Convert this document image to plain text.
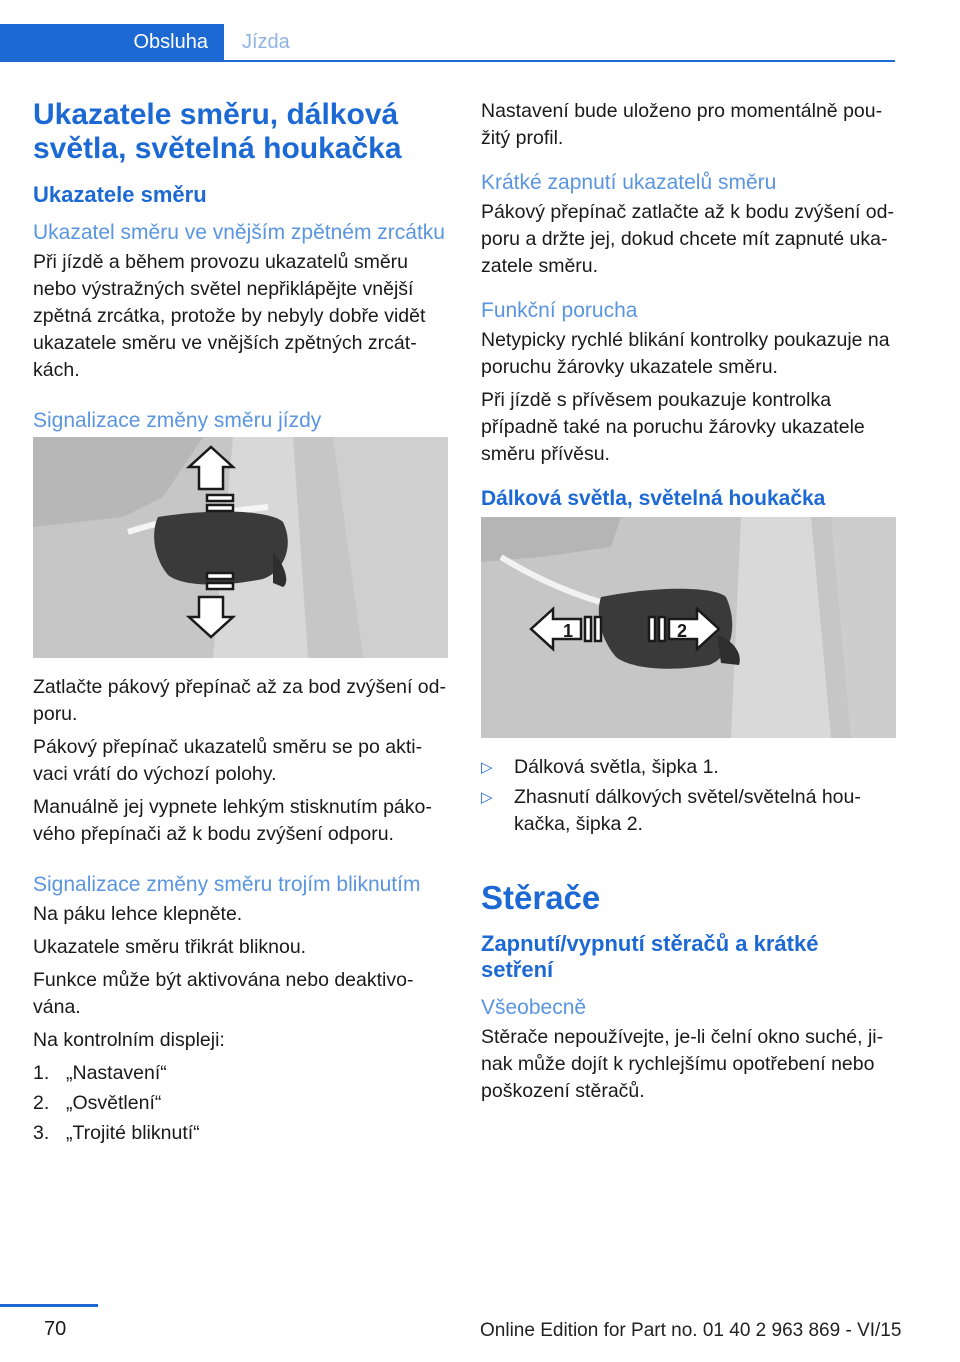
Obsluha	Jízda
Ukazatele směru, dálková světla, světelná houkačka
Ukazatele směru
Ukazatel směru ve vnějším zpětném zrcátku

Při jízdě a během provozu ukazatelů směru nebo výstražných světel nepřiklápějte vnější zpětná zrcátka, protože by nebyly dobře vidět ukazatele směru ve vnějších zpětných zrcátkách.

Signalizace změny směru jízdy

Zatlačte pákový přepínač až za bod zvýšení odporu.

Pákový přepínač ukazatelů směru se po aktivaci vrátí do výchozí polohy.

Manuálně jej vypnete lehkým stisknutím pákového přepínači až k bodu zvýšení odporu.

Signalizace změny směru trojím bliknutím

Na páku lehce klepněte.

Ukazatele směru třikrát bliknou.

Funkce může být aktivována nebo deaktivována.

Na kontrolním displeji:

1. „Nastavení“
2. „Osvětlení“
3. „Trojité bliknutí“

Nastavení bude uloženo pro momentálně použitý profil.

Krátké zapnutí ukazatelů směru

Pákový přepínač zatlačte až k bodu zvýšení odporu a držte jej, dokud chcete mít zapnuté ukazatele směru.

Funkční porucha

Netypicky rychlé blikání kontrolky poukazuje na poruchu žárovky ukazatele směru.

Při jízdě s přívěsem poukazuje kontrolka případně také na poruchu žárovky ukazatele směru přívěsu.

Dálková světla, světelná houkačka
1	2
▷ Dálková světla, šipka 1.
▷ Zhasnutí dálkových světel/světelná houkačka, šipka 2.
Stěrače
Zapnutí/vypnutí stěračů a krátké setření
Všeobecně

Stěrače nepoužívejte, je-li čelní okno suché, jinak může dojít k rychlejšímu opotřebení nebo poškození stěračů.

70	Online Edition for Part no. 01 40 2 963 869 - VI/15
